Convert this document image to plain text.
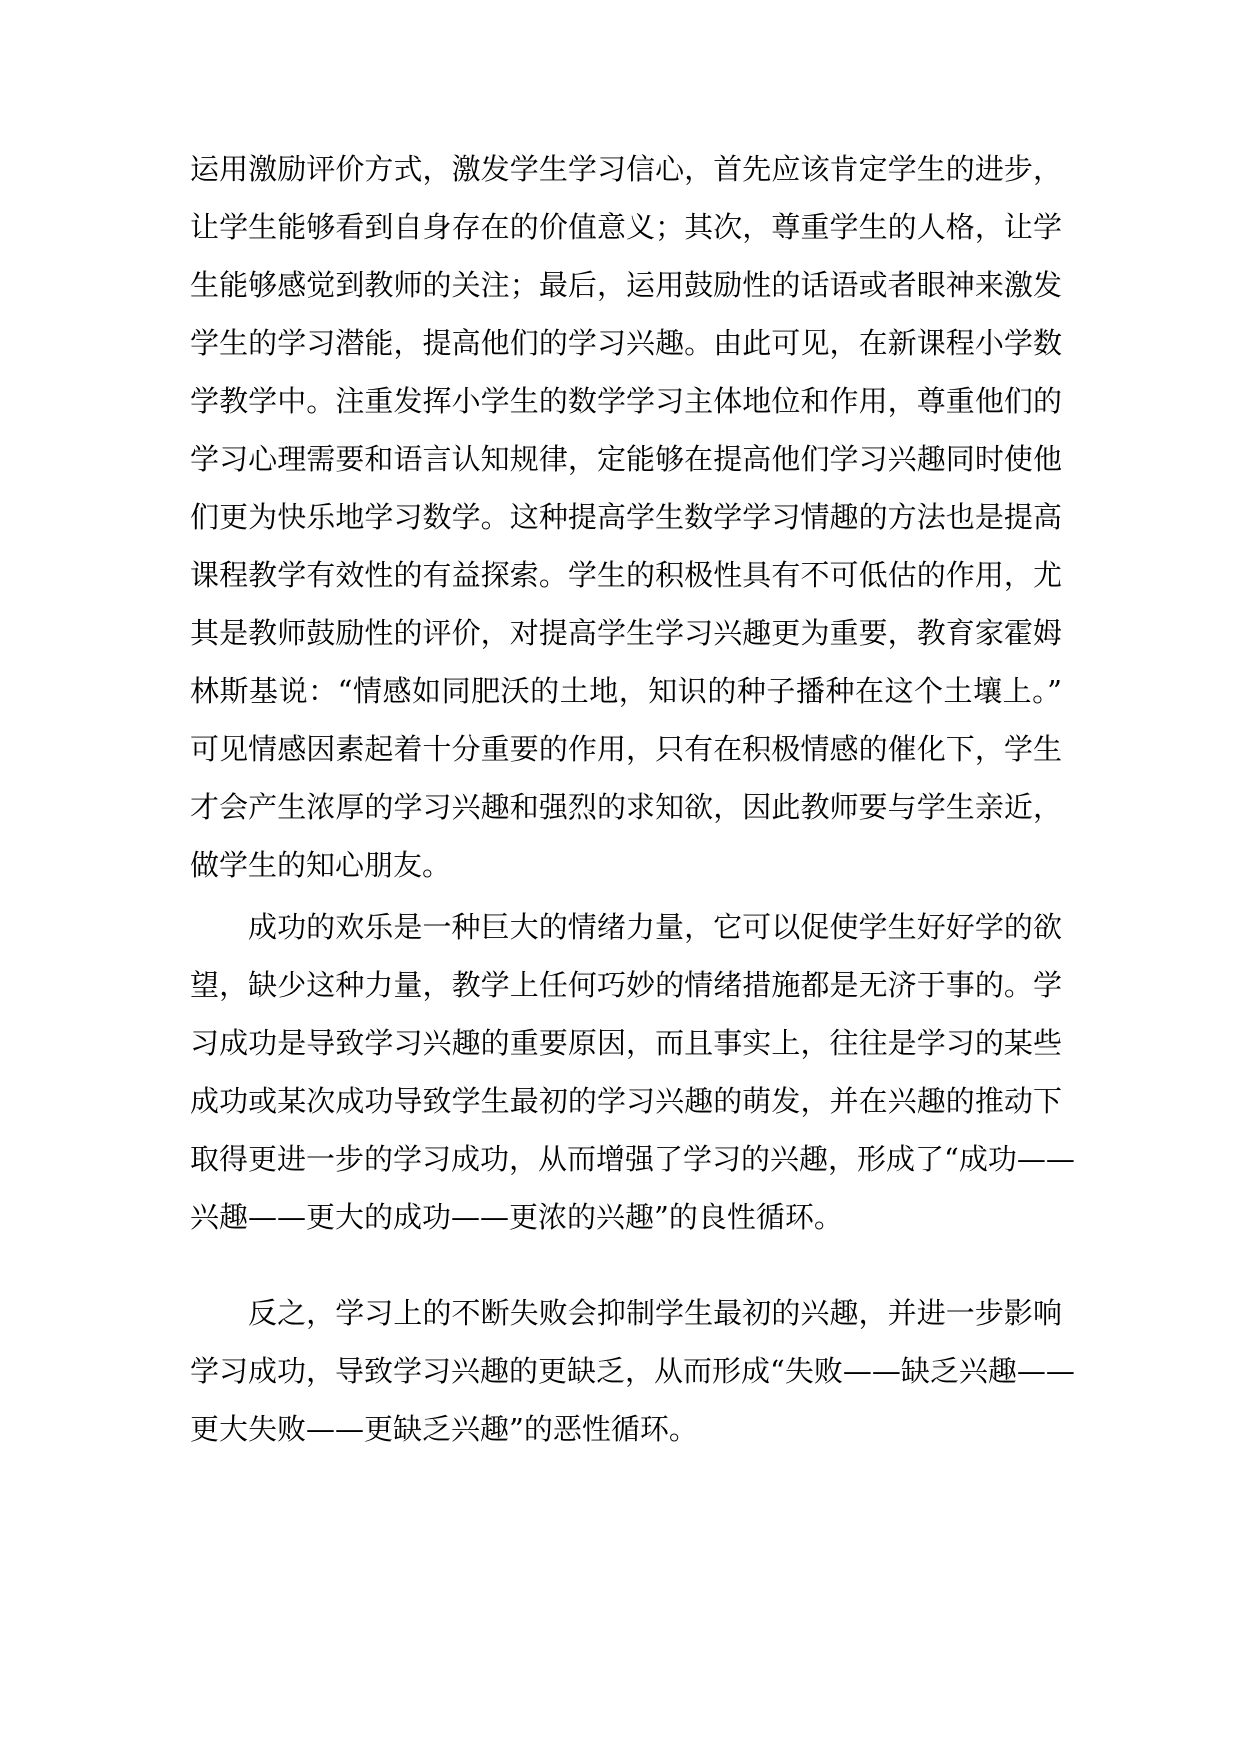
运用激励评价方式，激发学生学习信心，首先应该肯定学生的进步，
让学生能够看到自身存在的价值意义；其次，尊重学生的人格，让学
生能够感觉到教师的关注；最后，运用鼓励性的话语或者眼神来激发
学生的学习潜能，提高他们的学习兴趣。由此可见，在新课程小学数
学教学中。注重发挥小学生的数学学习主体地位和作用，尊重他们的
学习心理需要和语言认知规律，定能够在提高他们学习兴趣同时使他
们更为快乐地学习数学。这种提高学生数学学习情趣的方法也是提高
课程教学有效性的有益探索。学生的积极性具有不可低估的作用，尤
其是教师鼓励性的评价，对提高学生学习兴趣更为重要，教育家霍姆
林斯基说：“情感如同肥沃的土地，知识的种子播种在这个土壤上。”
可见情感因素起着十分重要的作用，只有在积极情感的催化下，学生
才会产生浓厚的学习兴趣和强烈的求知欲，因此教师要与学生亲近，
做学生的知心朋友。
成功的欢乐是一种巨大的情绪力量，它可以促使学生好好学的欲
望，缺少这种力量，教学上任何巧妙的情绪措施都是无济于事的。学
习成功是导致学习兴趣的重要原因，而且事实上，往往是学习的某些
成功或某次成功导致学生最初的学习兴趣的萌发，并在兴趣的推动下
取得更进一步的学习成功，从而增强了学习的兴趣，形成了“成功——
兴趣——更大的成功——更浓的兴趣”的良性循环。
反之，学习上的不断失败会抑制学生最初的兴趣，并进一步影响
学习成功，导致学习兴趣的更缺乏，从而形成“失败——缺乏兴趣——
更大失败——更缺乏兴趣”的恶性循环。
